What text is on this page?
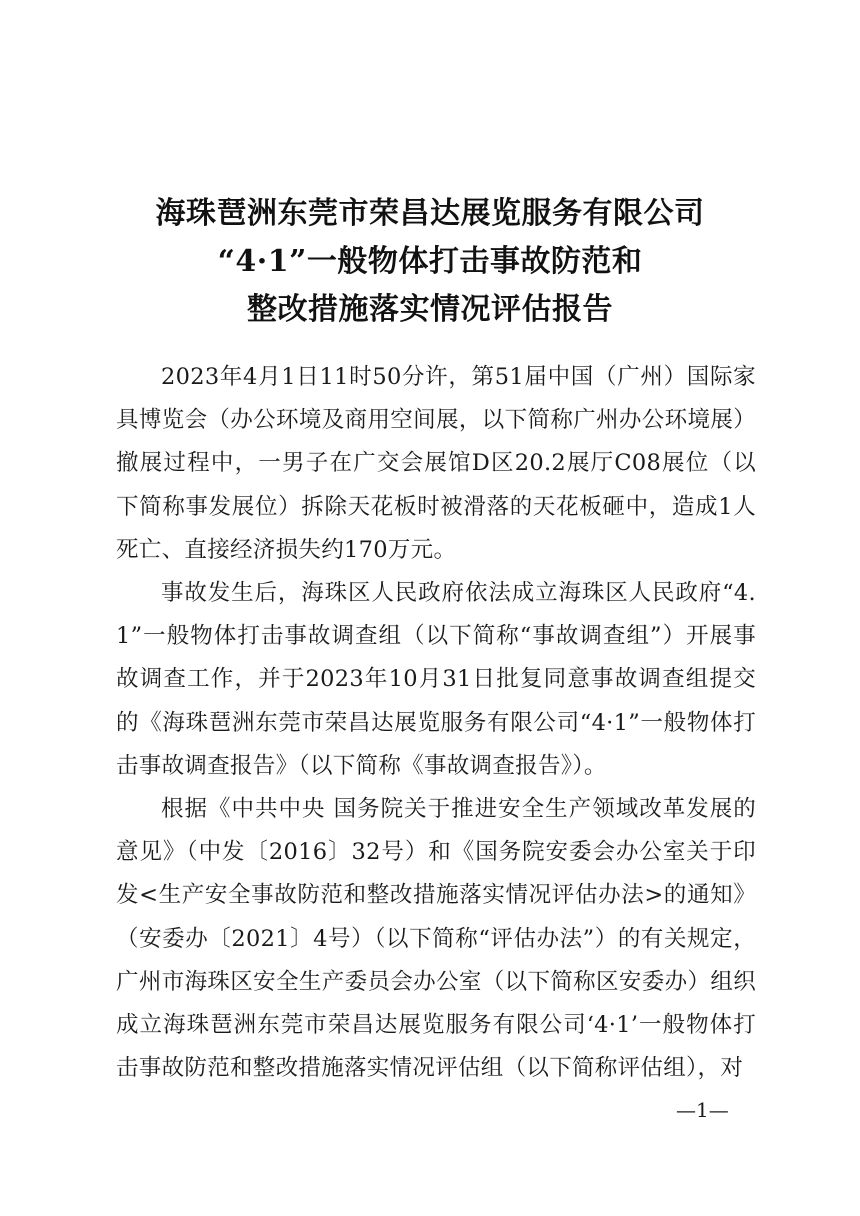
海珠琶洲东莞市荣昌达展览服务有限公司
“4·1”一般物体打击事故防范和
整改措施落实情况评估报告

2023年4月1日11时50分许，第51届中国（广州）国际家具博览会（办公环境及商用空间展，以下简称广州办公环境展）撤展过程中，一男子在广交会展馆D区20.2展厅C08展位（以下简称事发展位）拆除天花板时被滑落的天花板砸中，造成1人死亡、直接经济损失约170万元。

事故发生后，海珠区人民政府依法成立海珠区人民政府“4.1”一般物体打击事故调查组（以下简称“事故调查组”）开展事故调查工作，并于2023年10月31日批复同意事故调查组提交的《海珠琶洲东莞市荣昌达展览服务有限公司“4·1”一般物体打击事故调查报告》（以下简称《事故调查报告》）。

根据《中共中央 国务院关于推进安全生产领域改革发展的意见》（中发〔2016〕32号）和《国务院安委会办公室关于印发<生产安全事故防范和整改措施落实情况评估办法>的通知》（安委办〔2021〕4号）（以下简称“评估办法”）的有关规定，广州市海珠区安全生产委员会办公室（以下简称区安委办）组织成立海珠琶洲东莞市荣昌达展览服务有限公司‘4·1’一般物体打击事故防范和整改措施落实情况评估组（以下简称评估组），对

—1—
